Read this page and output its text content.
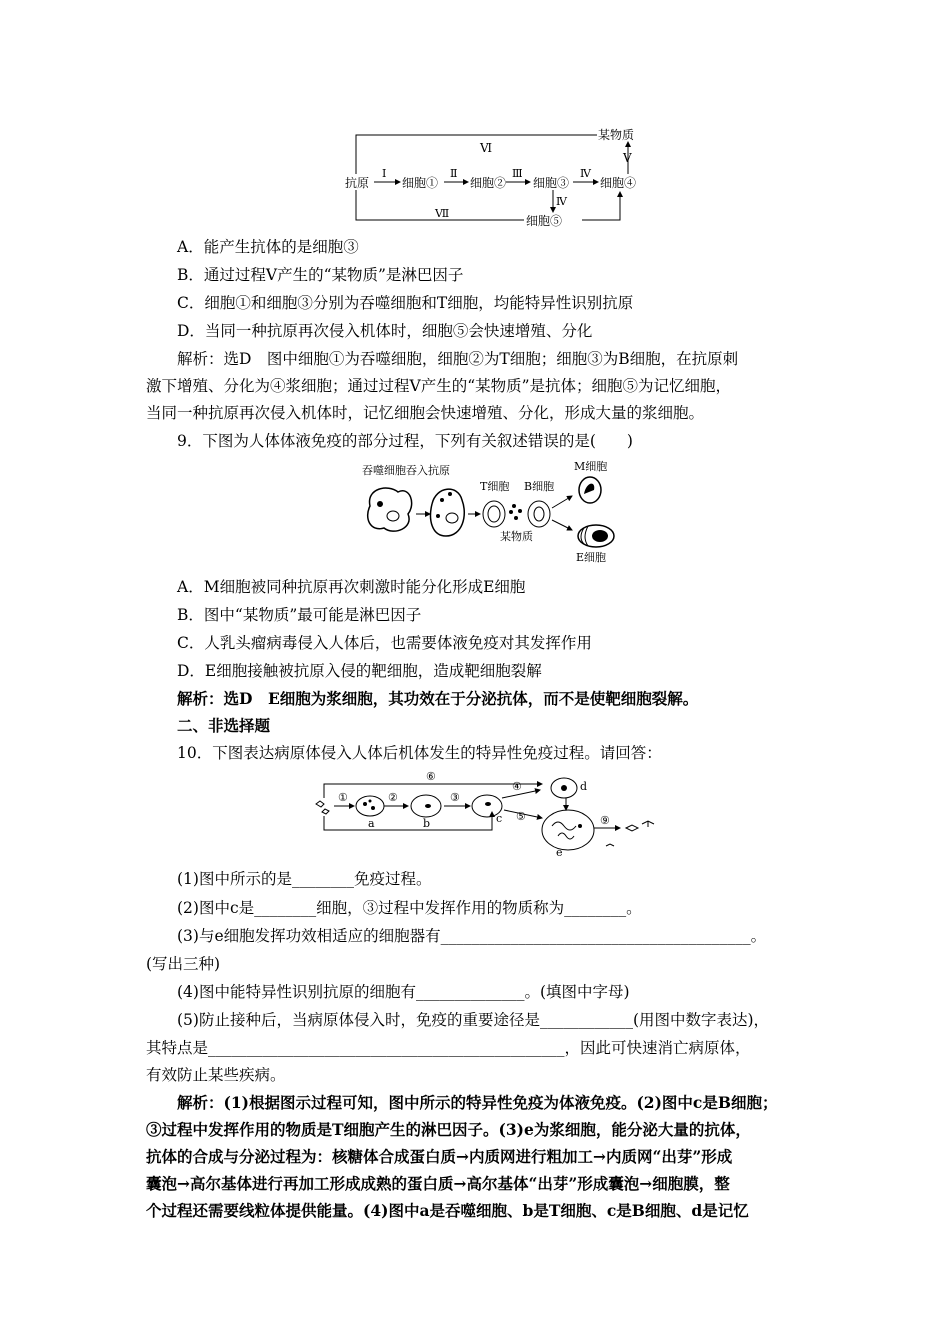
Ⅵ
某物质
Ⅴ
抗原
Ⅰ
细胞①
Ⅱ
细胞②
Ⅲ
细胞③
Ⅳ
细胞④
Ⅳ
Ⅶ
细胞⑤
A．能产生抗体的是细胞③
B．通过过程Ⅴ产生的“某物质”是淋巴因子
C．细胞①和细胞③分别为吞噬细胞和T细胞，均能特异性识别抗原
D．当同一种抗原再次侵入机体时，细胞⑤会快速增殖、分化
解析：选D　图中细胞①为吞噬细胞，细胞②为T细胞；细胞③为B细胞，在抗原刺
激下增殖、分化为④浆细胞；通过过程Ⅴ产生的“某物质”是抗体；细胞⑤为记忆细胞，
当同一种抗原再次侵入机体时，记忆细胞会快速增殖、分化，形成大量的浆细胞。
9．下图为人体体液免疫的部分过程，下列有关叙述错误的是(　　)
吞噬细胞吞入抗原
T细胞 B细胞
某物质
M细胞
E细胞
A．M细胞被同种抗原再次刺激时能分化形成E细胞
B．图中“某物质”最可能是淋巴因子
C．人乳头瘤病毒侵入人体后，也需要体液免疫对其发挥作用
D．E细胞接触被抗原入侵的靶细胞，造成靶细胞裂解
解析：选D　E细胞为浆细胞，其功效在于分泌抗体，而不是使靶细胞裂解。
二、非选择题
10．下图表达病原体侵入人体后机体发生的特异性免疫过程。请回答：
⑥
①
a
②
b
③
c
④	d
⑤
e
⑨
(1)图中所示的是________免疫过程。
(2)图中c是________细胞，③过程中发挥作用的物质称为________。
(3)与e细胞发挥功效相适应的细胞器有________________________________________。
(写出三种)
(4)图中能特异性识别抗原的细胞有______________。(填图中字母)
(5)防止接种后，当病原体侵入时，免疫的重要途径是____________(用图中数字表达)，
其特点是______________________________________________，因此可快速消亡病原体，
有效防止某些疾病。
解析：(1)根据图示过程可知，图中所示的特异性免疫为体液免疫。(2)图中c是B细胞；
③过程中发挥作用的物质是T细胞产生的淋巴因子。(3)e为浆细胞，能分泌大量的抗体，
抗体的合成与分泌过程为：核糖体合成蛋白质→内质网进行粗加工→内质网“出芽”形成
囊泡→高尔基体进行再加工形成成熟的蛋白质→高尔基体“出芽”形成囊泡→细胞膜，整
个过程还需要线粒体提供能量。(4)图中a是吞噬细胞、b是T细胞、c是B细胞、d是记忆
